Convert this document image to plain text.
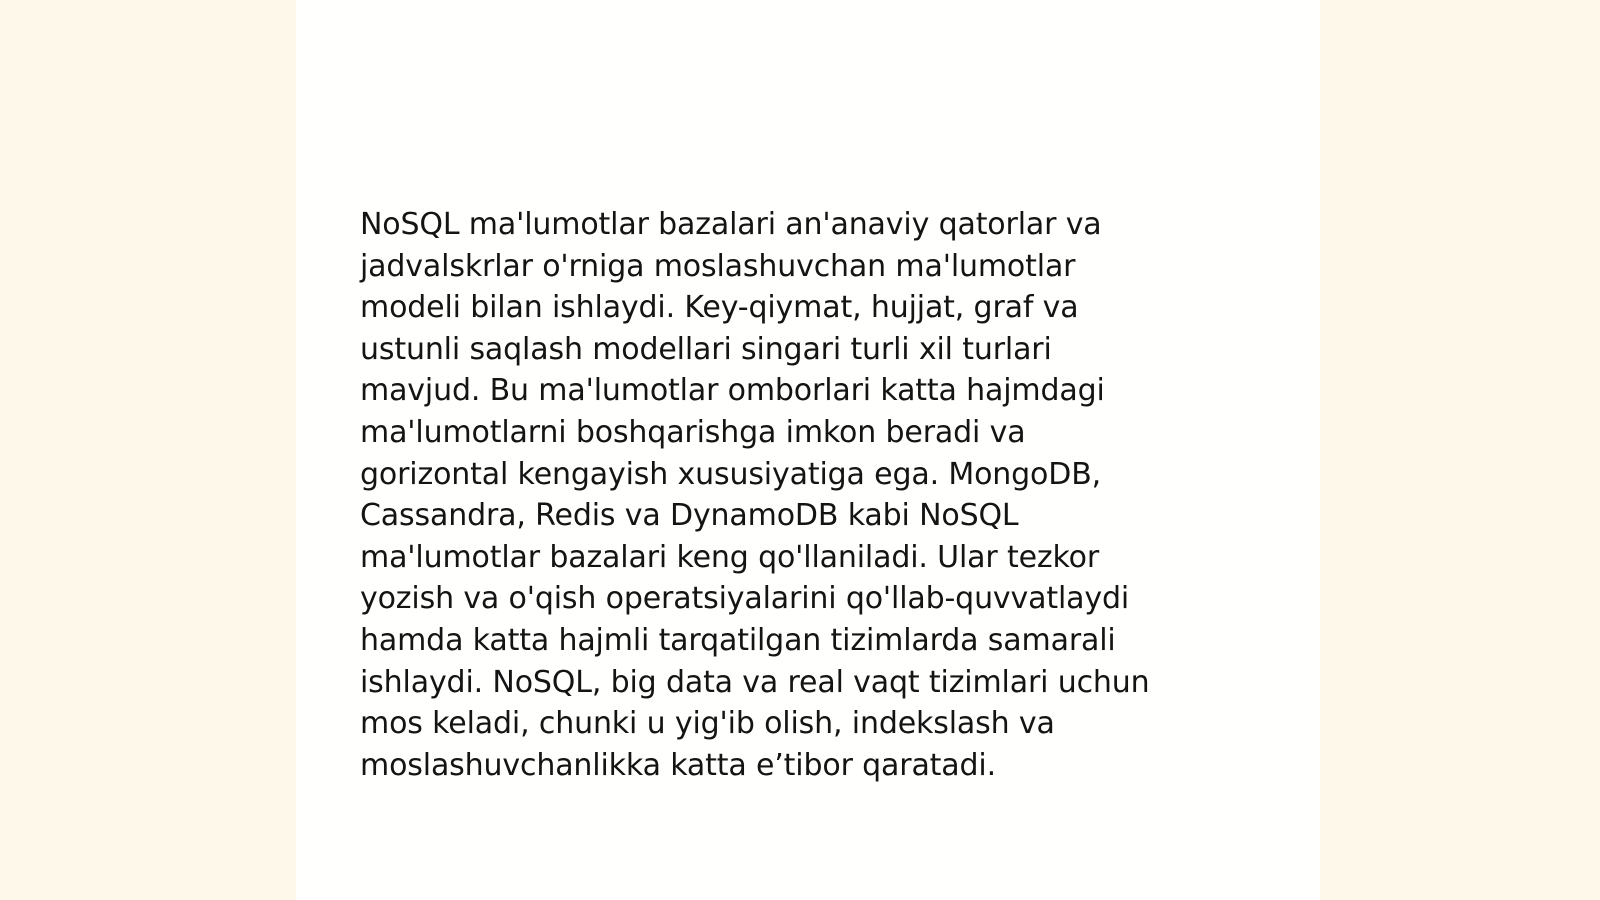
NoSQL ma'lumotlar bazalari an'anaviy qatorlar va
jadvalskrlar o'rniga moslashuvchan ma'lumotlar
modeli bilan ishlaydi. Key-qiymat, hujjat, graf va
ustunli saqlash modellari singari turli xil turlari
mavjud. Bu ma'lumotlar omborlari katta hajmdagi
ma'lumotlarni boshqarishga imkon beradi va
gorizontal kengayish xususiyatiga ega. MongoDB,
Cassandra, Redis va DynamoDB kabi NoSQL
ma'lumotlar bazalari keng qo'llaniladi. Ular tezkor
yozish va o'qish operatsiyalarini qo'llab-quvvatlaydi
hamda katta hajmli tarqatilgan tizimlarda samarali
ishlaydi. NoSQL, big data va real vaqt tizimlari uchun
mos keladi, chunki u yig'ib olish, indekslash va
moslashuvchanlikka katta e’tibor qaratadi.
